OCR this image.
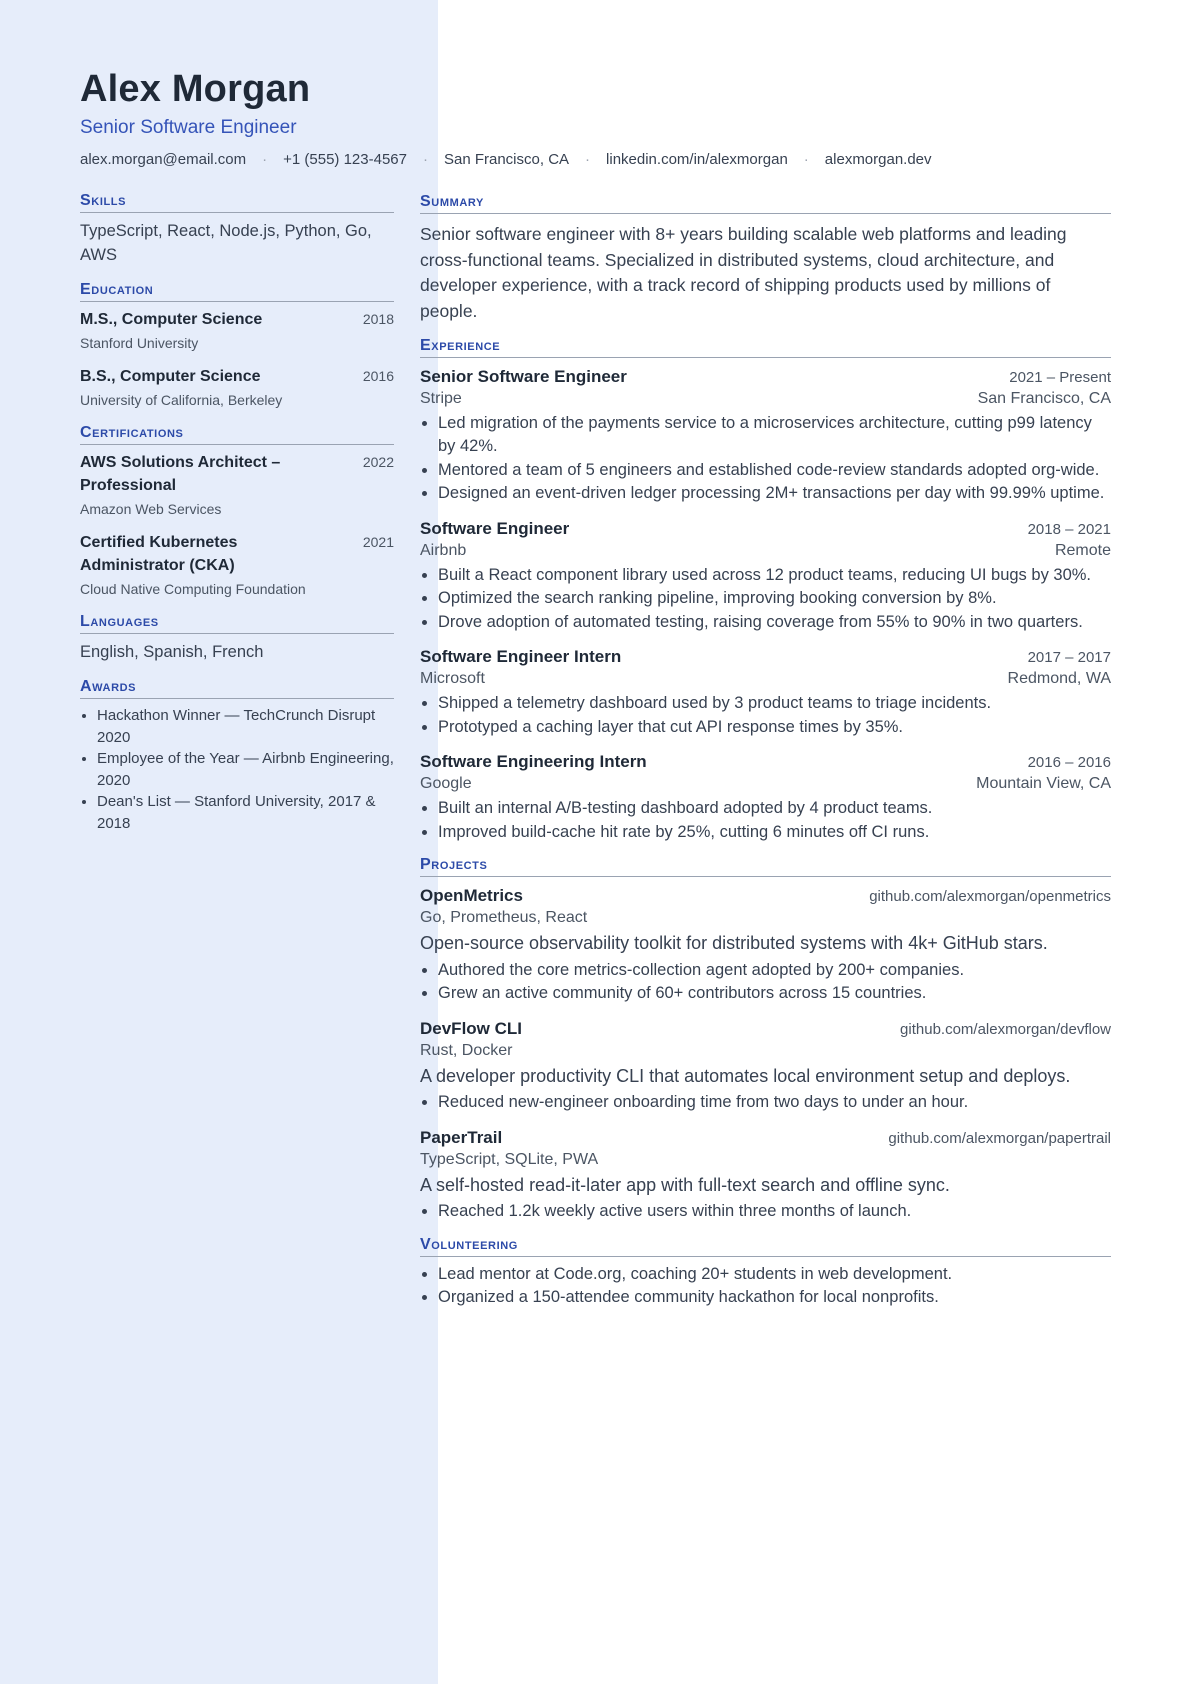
Alex Morgan
Senior Software Engineer
alex.morgan@email.com · +1 (555) 123-4567 · San Francisco, CA · linkedin.com/in/alexmorgan · alexmorgan.dev
Skills
TypeScript, React, Node.js, Python, Go, AWS
Education
M.S., Computer Science	2018
Stanford University
B.S., Computer Science	2016
University of California, Berkeley
Certifications
AWS Solutions Architect – Professional
2022
Amazon Web Services
Certified Kubernetes Administrator (CKA)
2021
Cloud Native Computing Foundation
Languages
English, Spanish, French
Awards
• Hackathon Winner — TechCrunch Disrupt 2020
• Employee of the Year — Airbnb Engineering, 2020
• Dean's List — Stanford University, 2017 & 2018
Summary
Senior software engineer with 8+ years building scalable web platforms and leading cross-functional teams. Specialized in distributed systems, cloud architecture, and developer experience, with a track record of shipping products used by millions of people.
Experience
Senior Software Engineer	2021 – Present
Stripe	San Francisco, CA
• Led migration of the payments service to a microservices architecture, cutting p99 latency by 42%.
• Mentored a team of 5 engineers and established code-review standards adopted org-wide.
• Designed an event-driven ledger processing 2M+ transactions per day with 99.99% uptime.
Software Engineer	2018 – 2021
Airbnb	Remote
• Built a React component library used across 12 product teams, reducing UI bugs by 30%.
• Optimized the search ranking pipeline, improving booking conversion by 8%.
• Drove adoption of automated testing, raising coverage from 55% to 90% in two quarters.
Software Engineer Intern	2017 – 2017
Microsoft	Redmond, WA
• Shipped a telemetry dashboard used by 3 product teams to triage incidents.
• Prototyped a caching layer that cut API response times by 35%.
Software Engineering Intern	2016 – 2016
Google	Mountain View, CA
• Built an internal A/B-testing dashboard adopted by 4 product teams.
• Improved build-cache hit rate by 25%, cutting 6 minutes off CI runs.
Projects
OpenMetrics	github.com/alexmorgan/openmetrics
Go, Prometheus, React
Open-source observability toolkit for distributed systems with 4k+ GitHub stars.
• Authored the core metrics-collection agent adopted by 200+ companies.
• Grew an active community of 60+ contributors across 15 countries.
DevFlow CLI	github.com/alexmorgan/devflow
Rust, Docker
A developer productivity CLI that automates local environment setup and deploys.
• Reduced new-engineer onboarding time from two days to under an hour.
PaperTrail	github.com/alexmorgan/papertrail
TypeScript, SQLite, PWA
A self-hosted read-it-later app with full-text search and offline sync.
• Reached 1.2k weekly active users within three months of launch.
Volunteering
• Lead mentor at Code.org, coaching 20+ students in web development.
• Organized a 150-attendee community hackathon for local nonprofits.
